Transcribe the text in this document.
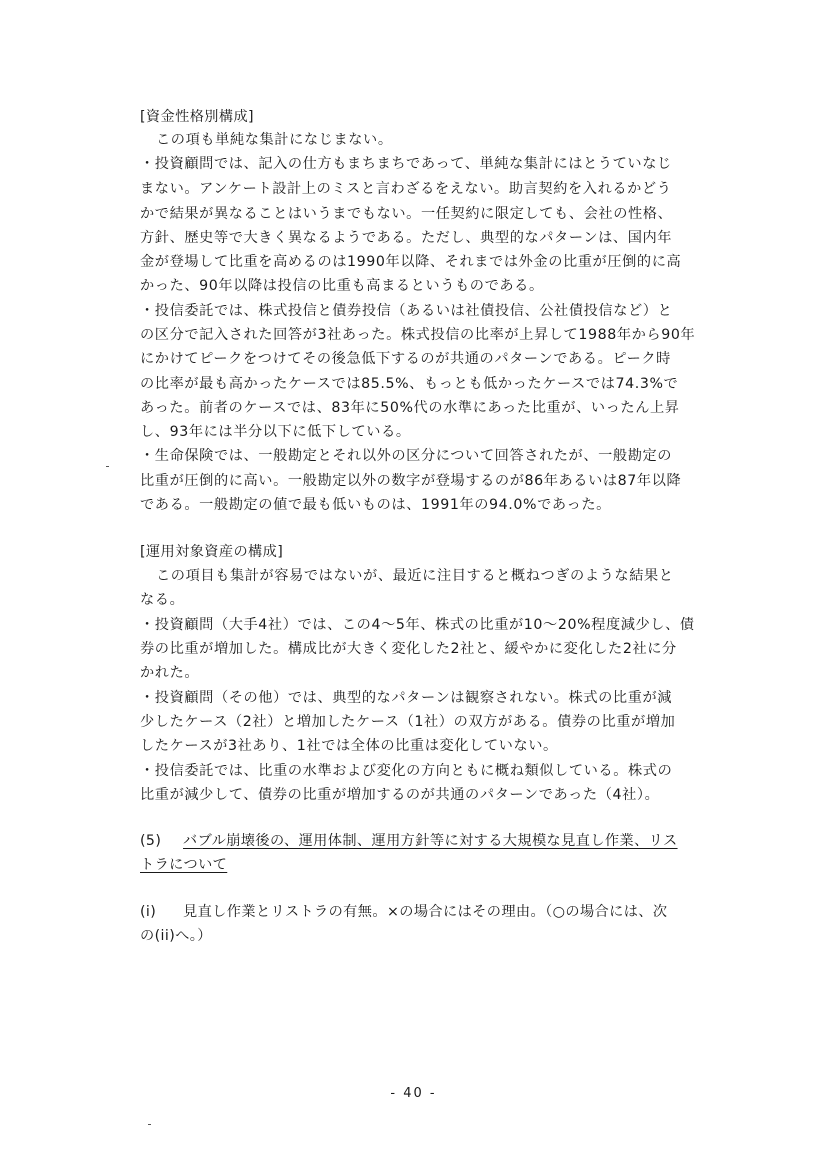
[資金性格別構成]
この項も単純な集計になじまない。
・投資顧問では、記入の仕方もまちまちであって、単純な集計にはとうていなじ
まない。アンケート設計上のミスと言わざるをえない。助言契約を入れるかどう
かで結果が異なることはいうまでもない。一任契約に限定しても、会社の性格、
方針、歴史等で大きく異なるようである。ただし、典型的なパターンは、国内年
金が登場して比重を高めるのは1990年以降、それまでは外金の比重が圧倒的に高
かった、90年以降は投信の比重も高まるというものである。
・投信委託では、株式投信と債券投信（あるいは社債投信、公社債投信など）と
の区分で記入された回答が3社あった。株式投信の比率が上昇して1988年から90年
にかけてピークをつけてその後急低下するのが共通のパターンである。ピーク時
の比率が最も高かったケースでは85.5%、もっとも低かったケースでは74.3%で
あった。前者のケースでは、83年に50%代の水準にあった比重が、いったん上昇
し、93年には半分以下に低下している。
・生命保険では、一般勘定とそれ以外の区分について回答されたが、一般勘定の
比重が圧倒的に高い。一般勘定以外の数字が登場するのが86年あるいは87年以降
である。一般勘定の値で最も低いものは、1991年の94.0%であった。
[運用対象資産の構成]
この項目も集計が容易ではないが、最近に注目すると概ねつぎのような結果と
なる。
・投資顧問（大手4社）では、この4〜5年、株式の比重が10〜20%程度減少し、債
券の比重が増加した。構成比が大きく変化した2社と、緩やかに変化した2社に分
かれた。
・投資顧問（その他）では、典型的なパターンは観察されない。株式の比重が減
少したケース（2社）と増加したケース（1社）の双方がある。債券の比重が増加
したケースが3社あり、1社では全体の比重は変化していない。
・投信委託では、比重の水準および変化の方向ともに概ね類似している。株式の
比重が減少して、債券の比重が増加するのが共通のパターンであった（4社）。
(5) バブル崩壊後の、運用体制、運用方針等に対する大規模な見直し作業、リス
トラについて
(i) 見直し作業とリストラの有無。×の場合にはその理由。（○の場合には、次
の(ii)へ。）
- 40 -
